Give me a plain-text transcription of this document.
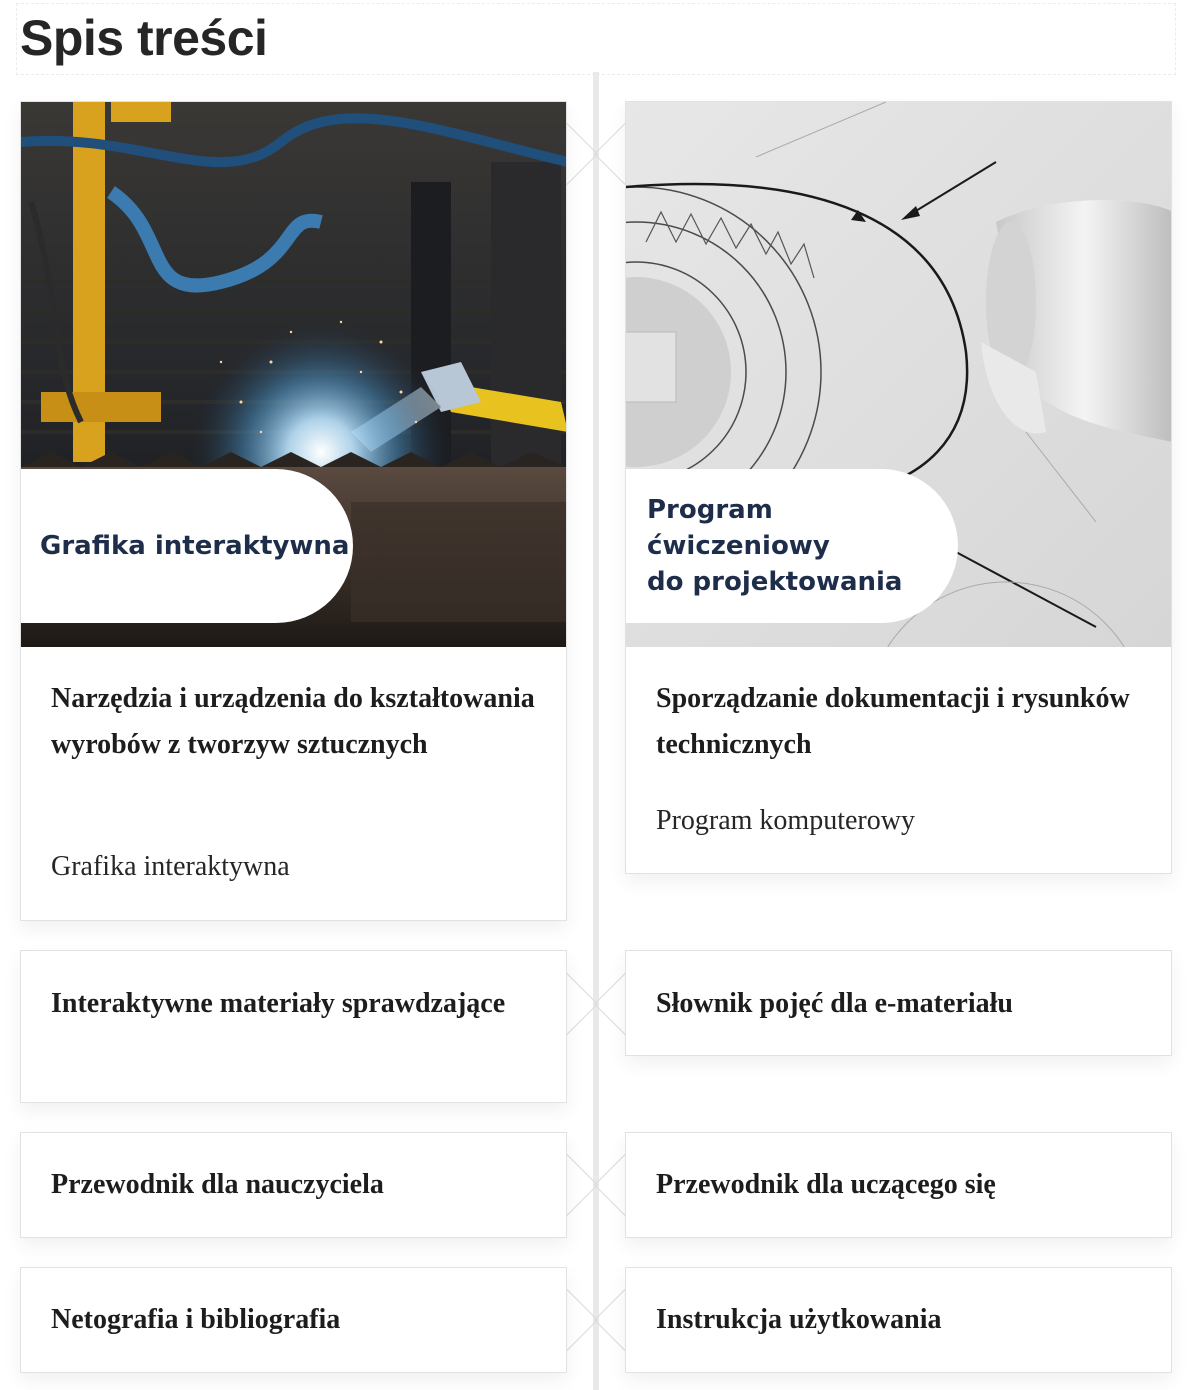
Spis treści
Grafika interaktywna
Narzędzia i urządzenia do kształtowania wyrobów z tworzyw sztucznych
Grafika interaktywna
Program ćwiczeniowy
do projektowania
Sporządzanie dokumentacji i rysunków technicznych
Program komputerowy
Interaktywne materiały sprawdzające	Słownik pojęć dla e-materiału
Przewodnik dla nauczyciela	Przewodnik dla uczącego się
Netografia i bibliografia	Instrukcja użytkowania
